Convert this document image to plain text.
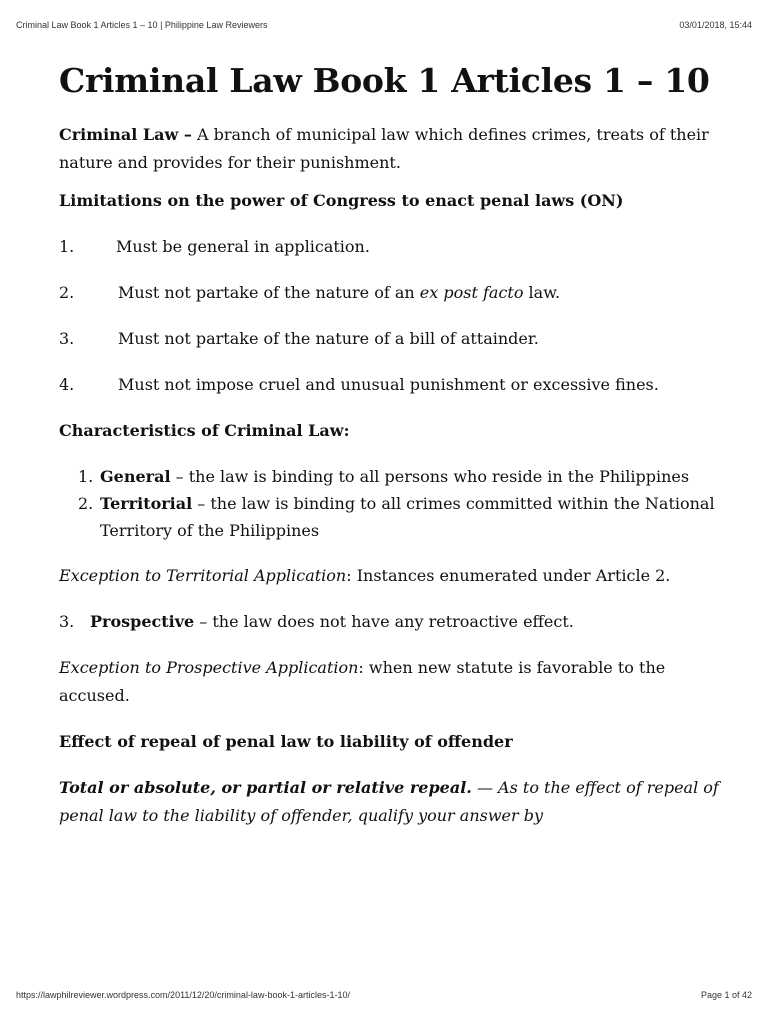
Criminal Law Book 1 Articles 1 – 10 | Philippine Law Reviewers	03/01/2018, 15:44
Criminal Law Book 1 Articles 1 – 10

Criminal Law – A branch of municipal law which defines crimes, treats of their nature and provides for their punishment.

Limitations on the power of Congress to enact penal laws (ON)

1.	Must be general in application.
2.	Must not partake of the nature of an ex post facto law.
3.	Must not partake of the nature of a bill of attainder.
4.	Must not impose cruel and unusual punishment or excessive fines.

Characteristics of Criminal Law:

1. General – the law is binding to all persons who reside in the Philippines
2. Territorial – the law is binding to all crimes committed within the National Territory of the Philippines

Exception to Territorial Application: Instances enumerated under Article 2.

3. Prospective – the law does not have any retroactive effect.

Exception to Prospective Application: when new statute is favorable to the accused.

Effect of repeal of penal law to liability of offender

Total or absolute, or partial or relative repeal. — As to the effect of repeal of penal law to the liability of offender, qualify your answer by

https://lawphilreviewer.wordpress.com/2011/12/20/criminal-law-book-1-articles-1-10/	Page 1 of 42
